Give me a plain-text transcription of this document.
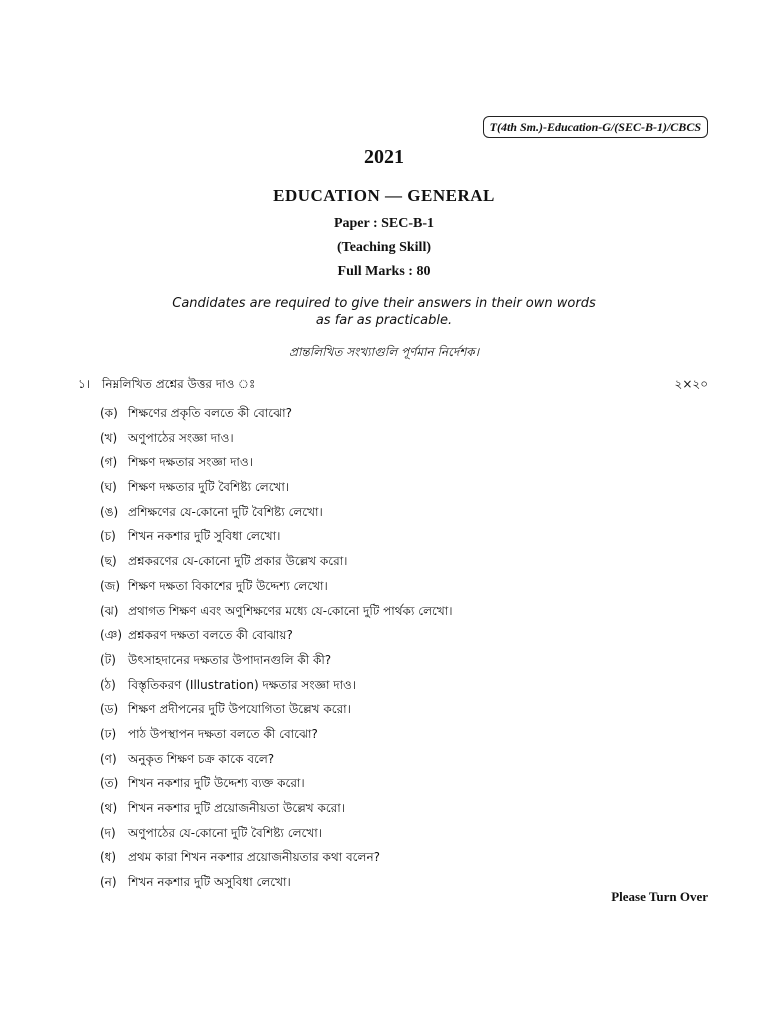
T(4th Sm.)-Education-G/(SEC-B-1)/CBCS
2021
EDUCATION — GENERAL
Paper : SEC-B-1
(Teaching Skill)
Full Marks : 80
Candidates are required to give their answers in their own words
as far as practicable.
প্রান্তলিখিত সংখ্যাগুলি পূর্ণমান নির্দেশক।
১। নিম্নলিখিত প্রশ্নের উত্তর দাও ঃ	২×২০
(ক) শিক্ষণের প্রকৃতি বলতে কী বোঝো?
(খ) অণুপাঠের সংজ্ঞা দাও।
(গ) শিক্ষণ দক্ষতার সংজ্ঞা দাও।
(ঘ) শিক্ষণ দক্ষতার দুটি বৈশিষ্ট্য লেখো।
(ঙ) প্রশিক্ষণের যে-কোনো দুটি বৈশিষ্ট্য লেখো।
(চ) শিখন নকশার দুটি সুবিধা লেখো।
(ছ) প্রশ্নকরণের যে-কোনো দুটি প্রকার উল্লেখ করো।
(জ) শিক্ষণ দক্ষতা বিকাশের দুটি উদ্দেশ্য লেখো।
(ঝ) প্রথাগত শিক্ষণ এবং অণুশিক্ষণের মধ্যে যে-কোনো দুটি পার্থক্য লেখো।
(ঞ) প্রশ্নকরণ দক্ষতা বলতে কী বোঝায়?
(ট) উৎসাহদানের দক্ষতার উপাদানগুলি কী কী?
(ঠ) বিস্তৃতিকরণ (Illustration) দক্ষতার সংজ্ঞা দাও।
(ড) শিক্ষণ প্রদীপনের দুটি উপযোগিতা উল্লেখ করো।
(ঢ) পাঠ উপস্থাপন দক্ষতা বলতে কী বোঝো?
(ণ) অনুকৃত শিক্ষণ চক্র কাকে বলে?
(ত) শিখন নকশার দুটি উদ্দেশ্য ব্যক্ত করো।
(থ) শিখন নকশার দুটি প্রয়োজনীয়তা উল্লেখ করো।
(দ) অণুপাঠের যে-কোনো দুটি বৈশিষ্ট্য লেখো।
(ধ) প্রথম কারা শিখন নকশার প্রয়োজনীয়তার কথা বলেন?
(ন) শিখন নকশার দুটি অসুবিধা লেখো।
Please Turn Over
